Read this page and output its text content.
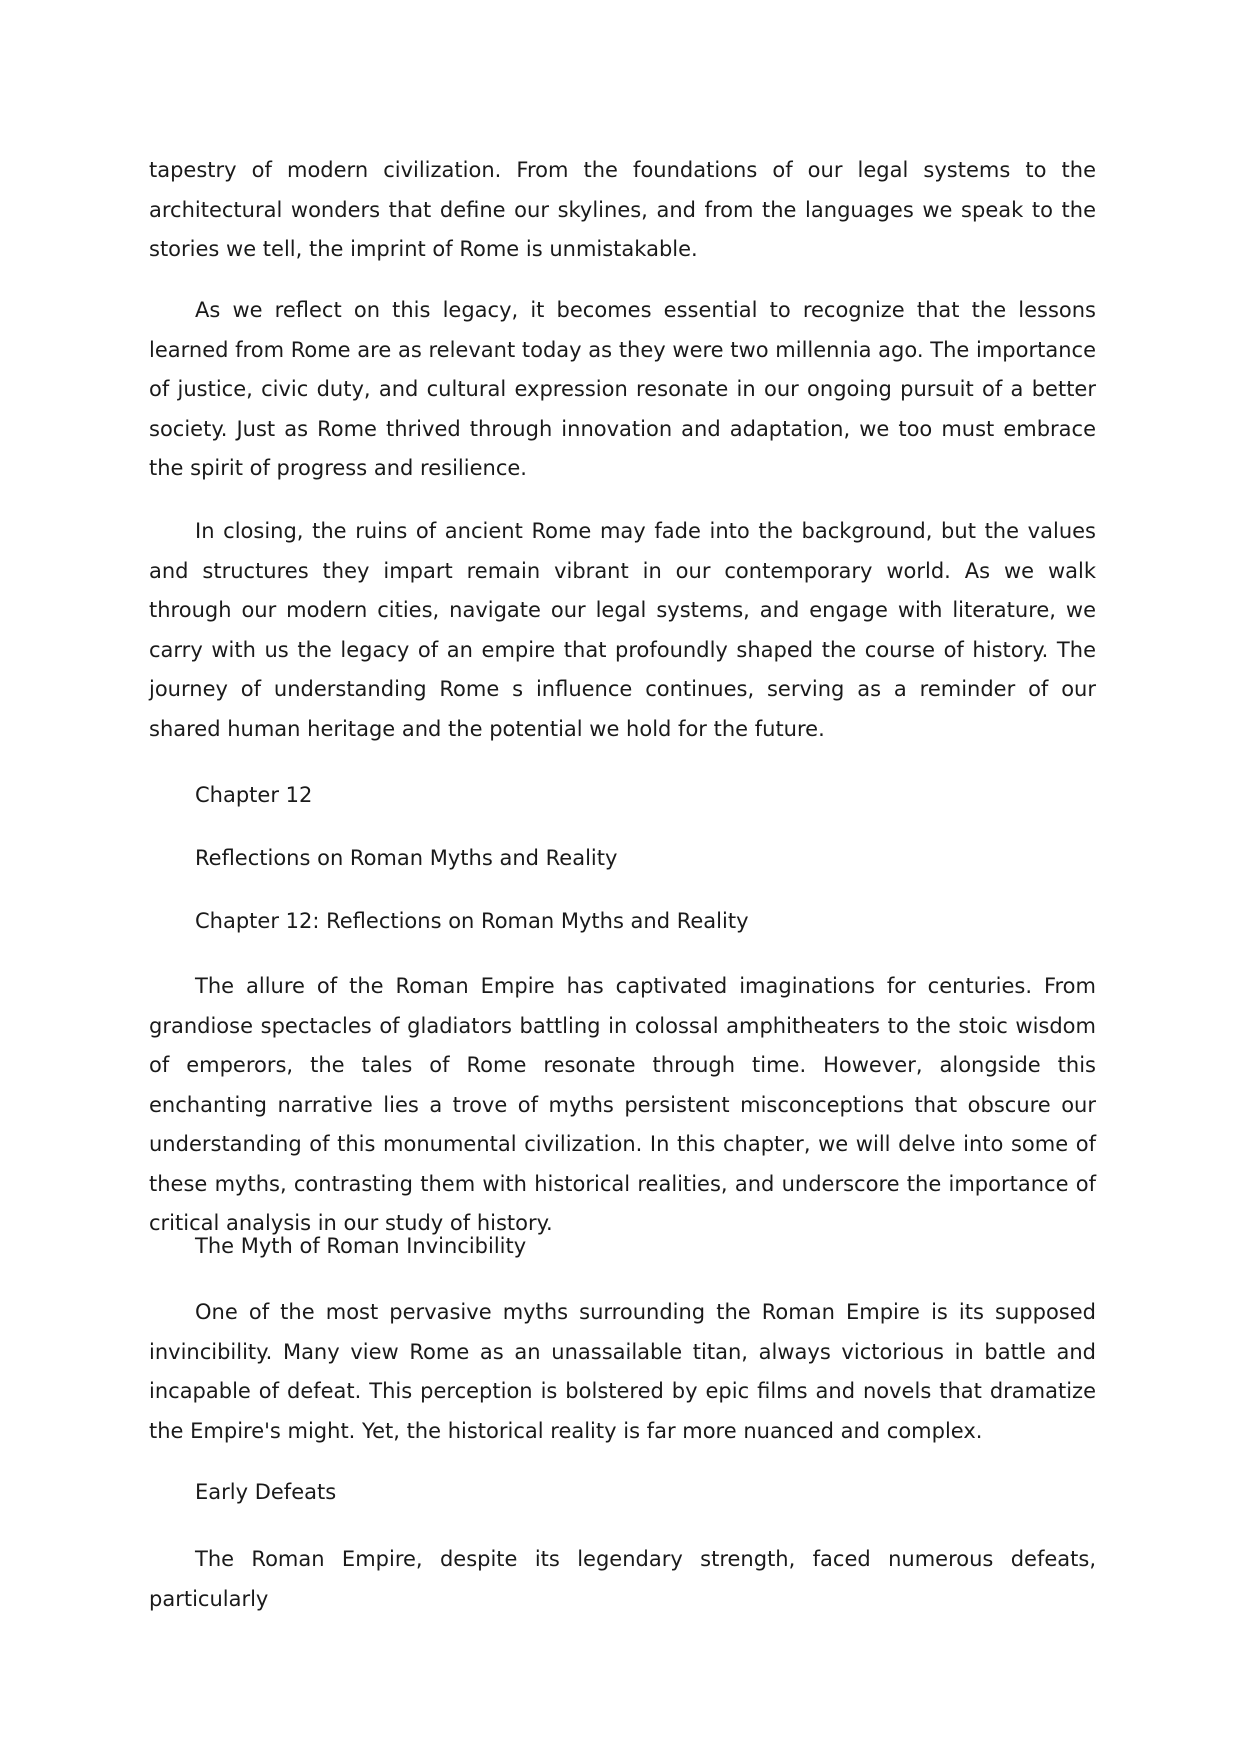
tapestry of modern civilization. From the foundations of our legal systems to the architectural wonders that define our skylines, and from the languages we speak to the stories we tell, the imprint of Rome is unmistakable.

As we reflect on this legacy, it becomes essential to recognize that the lessons learned from Rome are as relevant today as they were two millennia ago. The importance of justice, civic duty, and cultural expression resonate in our ongoing pursuit of a better society. Just as Rome thrived through innovation and adaptation, we too must embrace the spirit of progress and resilience.

In closing, the ruins of ancient Rome may fade into the background, but the values and structures they impart remain vibrant in our contemporary world. As we walk through our modern cities, navigate our legal systems, and engage with literature, we carry with us the legacy of an empire that profoundly shaped the course of history. The journey of understanding Rome s influence continues, serving as a reminder of our shared human heritage and the potential we hold for the future.

Chapter 12

Reflections on Roman Myths and Reality

Chapter 12: Reflections on Roman Myths and Reality

The allure of the Roman Empire has captivated imaginations for centuries. From grandiose spectacles of gladiators battling in colossal amphitheaters to the stoic wisdom of emperors, the tales of Rome resonate through time. However, alongside this enchanting narrative lies a trove of myths persistent misconceptions that obscure our understanding of this monumental civilization. In this chapter, we will delve into some of these myths, contrasting them with historical realities, and underscore the importance of critical analysis in our study of history.

The Myth of Roman Invincibility

One of the most pervasive myths surrounding the Roman Empire is its supposed invincibility. Many view Rome as an unassailable titan, always victorious in battle and incapable of defeat. This perception is bolstered by epic films and novels that dramatize the Empire's might. Yet, the historical reality is far more nuanced and complex.

Early Defeats

The Roman Empire, despite its legendary strength, faced numerous defeats, particularly
